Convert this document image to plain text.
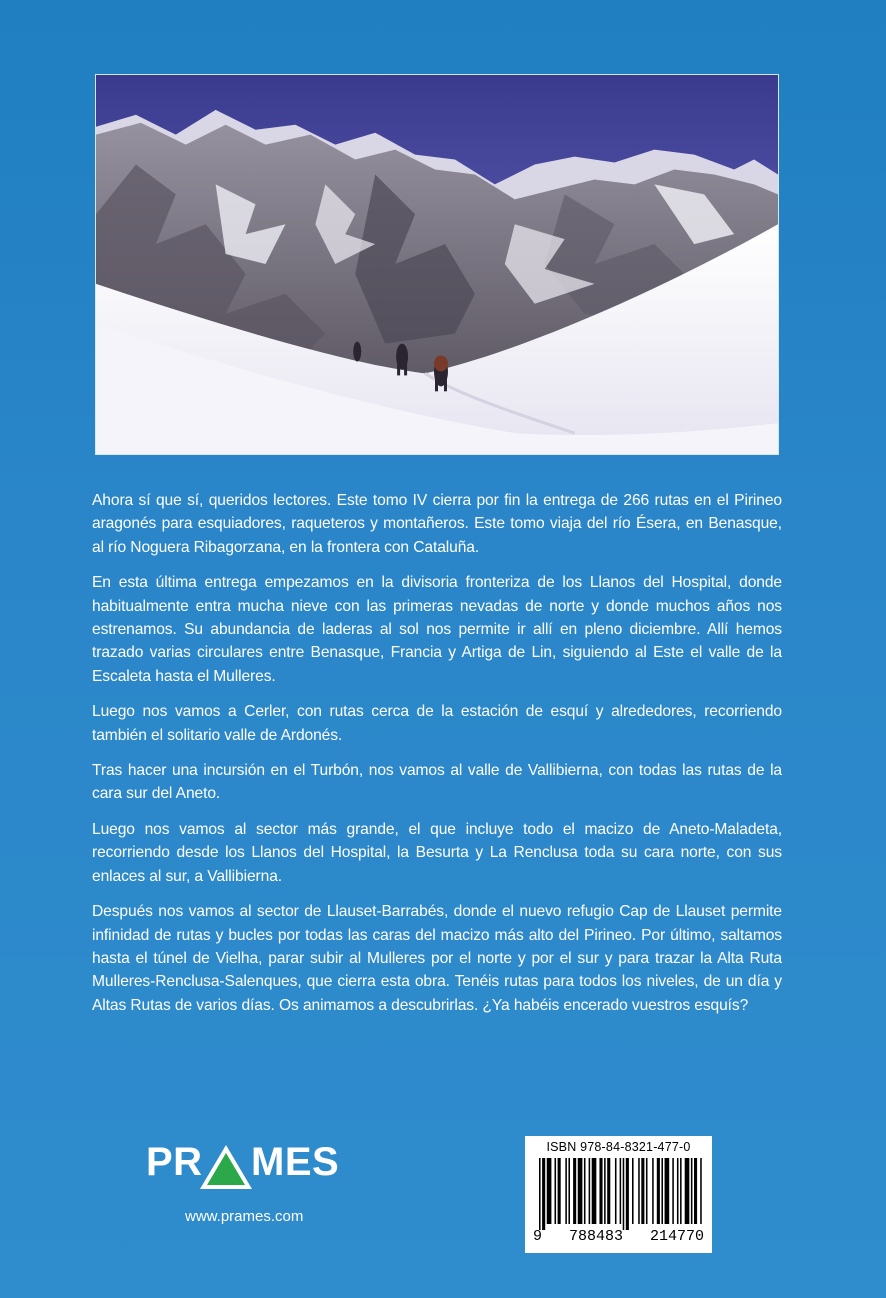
Ahora sí que sí, queridos lectores. Este tomo IV cierra por fin la entrega de 266 rutas en el Pirineo aragonés para esquiadores, raqueteros y montañeros. Este tomo viaja del río Ésera, en Benasque, al río Noguera Ribagorzana, en la frontera con Cataluña.

En esta última entrega empezamos en la divisoria fronteriza de los Llanos del Hospital, donde habitualmente entra mucha nieve con las primeras nevadas de norte y donde muchos años nos estrenamos. Su abundancia de laderas al sol nos permite ir allí en pleno diciembre. Allí hemos trazado varias circulares entre Benasque, Francia y Artiga de Lin, siguiendo al Este el valle de la Escaleta hasta el Mulleres.

Luego nos vamos a Cerler, con rutas cerca de la estación de esquí y alrededores, recorriendo también el solitario valle de Ardonés.

Tras hacer una incursión en el Turbón, nos vamos al valle de Vallibierna, con todas las rutas de la cara sur del Aneto.

Luego nos vamos al sector más grande, el que incluye todo el macizo de Aneto-Maladeta, recorriendo desde los Llanos del Hospital, la Besurta y La Renclusa toda su cara norte, con sus enlaces al sur, a Vallibierna.

Después nos vamos al sector de Llauset-Barrabés, donde el nuevo refugio Cap de Llauset permite infinidad de rutas y bucles por todas las caras del macizo más alto del Pirineo. Por último, saltamos hasta el túnel de Vielha, parar subir al Mulleres por el norte y por el sur y para trazar la Alta Ruta Mulleres-Renclusa-Salenques, que cierra esta obra. Tenéis rutas para todos los niveles, de un día y Altas Rutas de varios días. Os animamos a descubrirlas. ¿Ya habéis encerado vuestros esquís?

PR MES
www.prames.com
ISBN 978-84-8321-477-0
9 788483 214770
